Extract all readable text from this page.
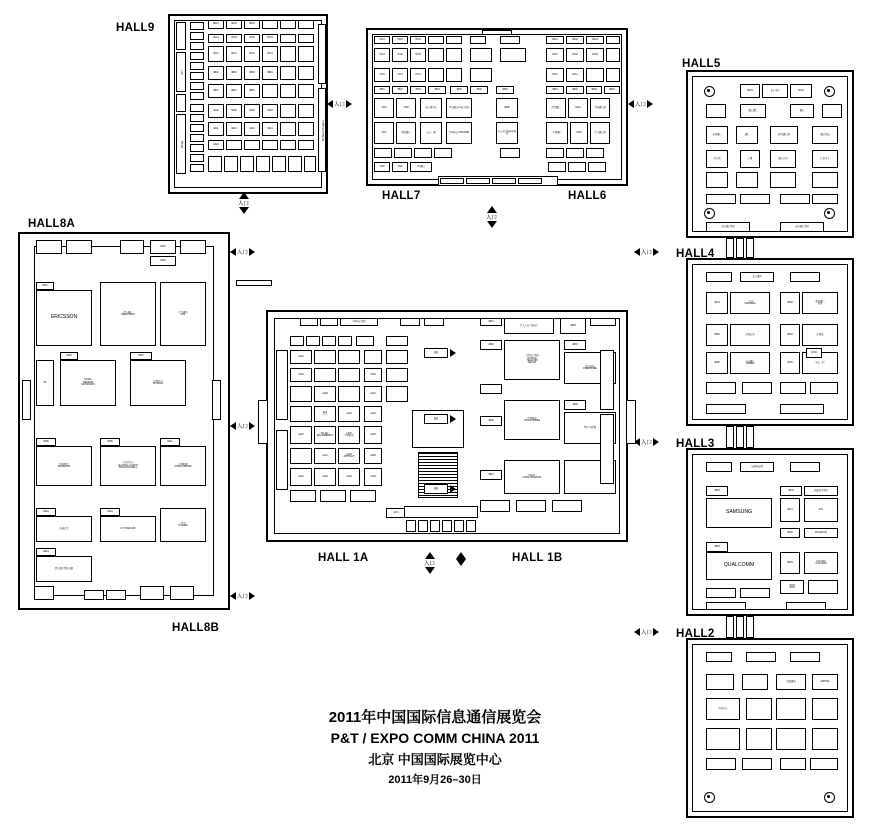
HALL9
信息
通信展
9D01	9D02	9D03
9C01	9C02	9C03	9C04
9C11	9C21	9C31	9C41
9B01	9B02	9B03	9B04
9B11	9B12	9B13
9A01	9A02	9A03	9A04
9A11	9A12	9A13	9A14
9A21
中国国际信息通信展
入口
入口
HALL7	HALL6
7D01	7D02	7D03	6D01	6D02	6D03
7C01	7C02	7C03	6C01	6C02	6C03
7C11	7C12	7C13	6C11	6C12
7B01	7B02	7B03	7B04	7B05	7B06	6B09	6B01	6B02	6B03	6B04
7A01	7A02	电信研究院	华为通信\n电信设备	6B08	清华通信	6A01	中国通信网
7A11	网络通信	南京广通	中国电信\nHUAWEI
北京电气\n移动网络
中国通信	6A02	中兴通信网
7A21	7A22	TD通信
入口
入口
HALL5
5D01	北京电气	5C04
通信通信	通信
宏明通信	通信	移动通信网	通信科技
动力网	宇通	通信应用	信息电子
宏达通信集团	宏科通信集团
HALL4
入口
北京通讯
4D03
三元达
SUNNADA
4D80
鼎桥通信
技术
4D60	富贵宏利	4D50	比泰创
4D86
宏安通信
COMBA
4C50	电信工程
4C30
HALL3
入口
宏泰科技网
3B06	3D04	软通动力集团
SAMSUNG	3D01	ZOL
3D05	KINGSTON
3B04
QUALCOMM	3D03
YULONG
COOLPAD
3C06
3C05
HALL2
入口
富瑞通讯	ARPTEK
科技中心
HALL8A
HALL8B
入口
入口
入口
8A03
8A05
8A01
ERICSSON
深入通信
GREATTECH
中兴通讯
ZTE
8A02
8A
NOKIA
SIEMENS
NETWORKS
8A07
中国普天
POTEVIO
8A06
瑞斯康达
RAISECOM
8A05
上海贝尔口
ALCATEL-LUCENT
SHANGHAI BELL
8A11
中国联通
CHINA UNICOM
8A12
卓望信息
8A10
UT STARCOM
华为
HUAWEI
8A13
烽火通信集团有限
HALL 1A	HALL 1B
中国电信集团	1B01
中央人民广播电台	1B08
1A01
1A02	1A06
1A09	1A12
ZTE
中兴
1A16	1A18
1A21
TCL通信
ENGINEERING
1A26
中国移动
1A28
1A31
1A36
APPTECH
1A38
1A41	1A43	1A46	1A48
1A71
1B02
大唐电信集团
DATANG
TELECOM
GROUP
1B03
烽火科技
FIBERHOME
1B05
中国移动
CHINA MOBILE
1B06
TD产业联盟
1B07	中国电信
CHINA TELECOM
通道
通道
通道
入口
2011年中国国际信息通信展览会
P&T / EXPO COMM CHINA 2011
北京 中国国际展览中心
2011年9月26–30日
